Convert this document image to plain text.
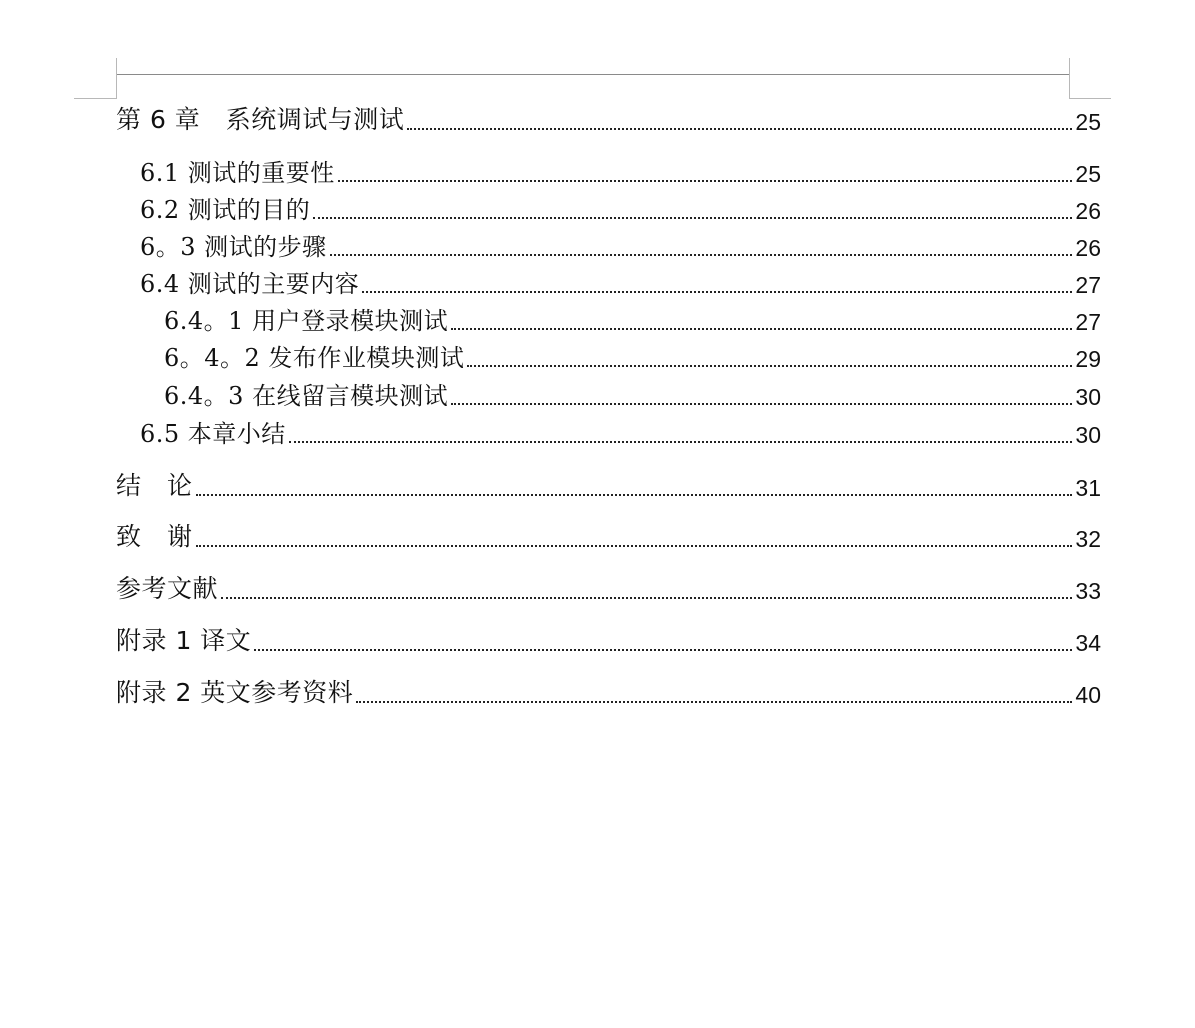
第 6 章　系统调试与测试	25
6.1 测试的重要性	25
6.2 测试的目的	26
6。3 测试的步骤	26
6.4 测试的主要内容	27
6.4。1 用户登录模块测试	27
6。4。2 发布作业模块测试	29
6.4。3 在线留言模块测试	30
6.5 本章小结	30
结　论	31
致　谢	32
参考文献	33
附录 1 译文	34
附录 2 英文参考资料	40
